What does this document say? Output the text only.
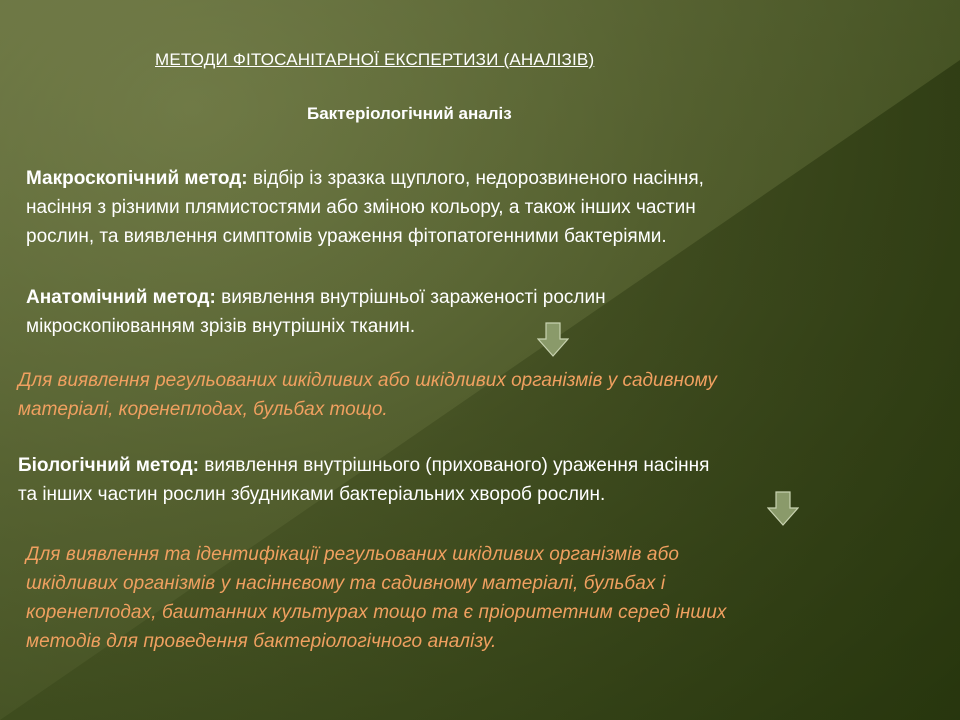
МЕТОДИ ФІТОСАНІТАРНОЇ ЕКСПЕРТИЗИ (АНАЛІЗІВ)
Бактеріологічний аналіз
Макроскопічний метод: відбір із зразка щуплого, недорозвиненого насіння,
насіння з різними плямистостями або зміною кольору, а також інших частин
рослин, та виявлення симптомів ураження фітопатогенними бактеріями.
Анатомічний метод: виявлення внутрішньої зараженості рослин
мікроскопіюванням зрізів внутрішніх тканин.
Для виявлення регульованих шкідливих або шкідливих організмів у садивному
матеріалі, коренеплодах, бульбах тощо.
Біологічний метод: виявлення внутрішнього (прихованого) ураження насіння
та інших частин рослин збудниками бактеріальних хвороб рослин.
Для виявлення та ідентифікації регульованих шкідливих організмів або
шкідливих організмів у насіннєвому та садивному матеріалі, бульбах і
коренеплодах, баштанних культурах тощо та є пріоритетним серед інших
методів для проведення бактеріологічного аналізу.
